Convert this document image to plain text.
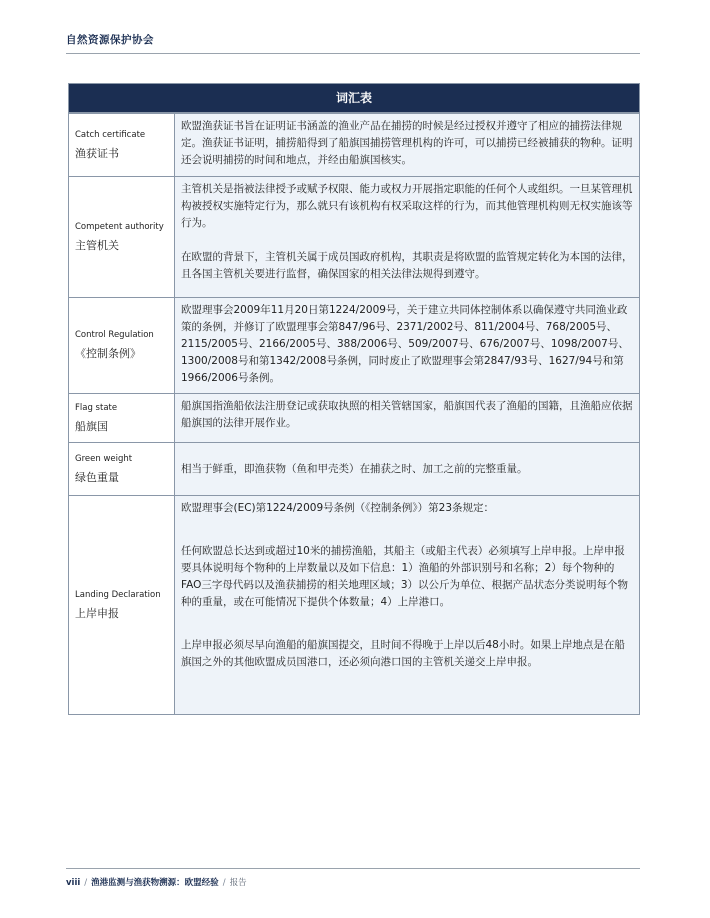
自然资源保护协会
词汇表
Catch certificate
渔获证书

欧盟渔获证书旨在证明证书涵盖的渔业产品在捕捞的时候是经过授权并遵守了相应的捕捞法律规定。渔获证书证明，捕捞船得到了船旗国捕捞管理机构的许可，可以捕捞已经被捕获的物种。证明还会说明捕捞的时间和地点，并经由船旗国核实。

Competent authority
主管机关

主管机关是指被法律授予或赋予权限、能力或权力开展指定职能的任何个人或组织。一旦某管理机构被授权实施特定行为，那么就只有该机构有权采取这样的行为，而其他管理机构则无权实施该等行为。

在欧盟的背景下，主管机关属于成员国政府机构，其职责是将欧盟的监管规定转化为本国的法律，且各国主管机关要进行监督，确保国家的相关法律法规得到遵守。

Control Regulation
《控制条例》

欧盟理事会2009年11月20日第1224/2009号，关于建立共同体控制体系以确保遵守共同渔业政策的条例，并修订了欧盟理事会第847/96号、2371/2002号、811/2004号、768/2005号、2115/2005号、2166/2005号、388/2006号、509/2007号、676/2007号、1098/2007号、1300/2008号和第1342/2008号条例，同时废止了欧盟理事会第2847/93号、1627/94号和第1966/2006号条例。

Flag state
船旗国

船旗国指渔船依法注册登记或获取执照的相关管辖国家，船旗国代表了渔船的国籍，且渔船应依据船旗国的法律开展作业。

Green weight
绿色重量

相当于鲜重，即渔获物（鱼和甲壳类）在捕获之时、加工之前的完整重量。

Landing Declaration
上岸申报

欧盟理事会(EC)第1224/2009号条例（《控制条例》）第23条规定：

任何欧盟总长达到或超过10米的捕捞渔船，其船主（或船主代表）必须填写上岸申报。上岸申报要具体说明每个物种的上岸数量以及如下信息：1）渔船的外部识别号和名称；2）每个物种的FAO三字母代码以及渔获捕捞的相关地理区域；3）以公斤为单位、根据产品状态分类说明每个物种的重量，或在可能情况下提供个体数量；4）上岸港口。

上岸申报必须尽早向渔船的船旗国提交，且时间不得晚于上岸以后48小时。如果上岸地点是在船旗国之外的其他欧盟成员国港口，还必须向港口国的主管机关递交上岸申报。

viii / 渔港监测与渔获物溯源：欧盟经验 / 报告
